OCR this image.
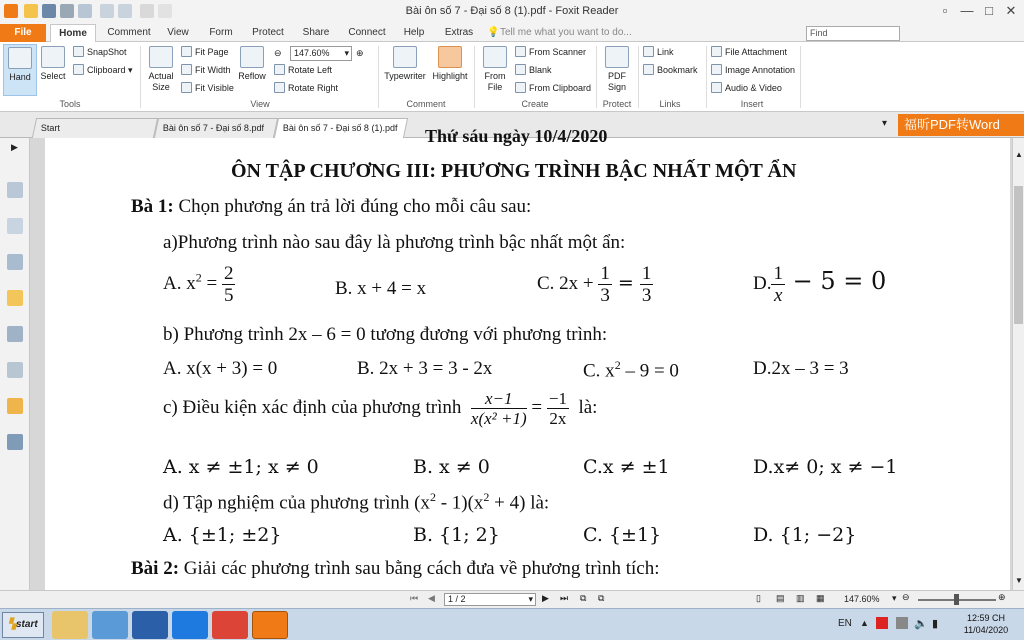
Bài ôn số 7 - Đại số 8 (1).pdf - Foxit Reader	▫	— □ ✕
File	Home	Comment	View	Form	Protect	Share	Connect	Help	Extras	💡 Tell me what you want to do...	Find
Hand	Select
SnapShot
Clipboard ▾
Tools
Actual Size
Fit Page
Fit Width
Fit Visible
Reflow
⊖	147.60% ▾ ⊕
Rotate Left
Rotate Right
View
Typewriter Highlight
Comment
From File
From Scanner
Blank
From Clipboard
Create
PDF Sign
Protect
Link
Bookmark
Links
File Attachment
Image Annotation
Audio & Video
Insert
Start	Bài ôn số 7 - Đại số 8.pdf	Bài ôn số 7 - Đại số 8 (1).pdf	▾	福昕PDF转Word
▶
Thứ sáu ngày 10/4/2020
ÔN TẬP CHƯƠNG III: PHƯƠNG TRÌNH BẬC NHẤT MỘT ẨN
Bà 1: Chọn phương án trả lời đúng cho mỗi câu sau:
a)Phương trình nào sau đây là phương trình bậc nhất một ẩn:
A. $x^2 = \frac{2}{5}$	B. x + 4 = x	C. $2x + \frac{1}{3} = \frac{1}{3}$	D. $\frac{1}{x} - 5 = 0$
b) Phương trình 2x – 6 = 0 tương đương với phương trình:
A. x(x + 3) = 0	B. 2x + 3 = 3 - 2x	C. $x^2 - 9 = 0$	D.2x – 3 = 3
c) Điều kiện xác định của phương trình $\frac{x-1}{\text{x(x² +1)}} = \frac{-1}{2x}$ là:
A. x ≠ ±1; x ≠ 0	B. x ≠ 0	C.x ≠ ±1	D.x≠ 0; x ≠ −1
d) Tập nghiệm của phương trình $(x^2 - 1)(x^2 + 4)$ là:
A. {±1; ±2}	B. {1; 2}	C. {±1}	D. {1; −2}
Bài 2: Giải các phương trình sau bằng cách đưa về phương trình tích:
▲
▼
⏮ ◀	1 / 2	▾ ▶ ⏭ ⧉ ⧉	▯ ▤ ▥ ▦ 147.60% ▾ ⊖	⊕
▚start	EN ▲	🔈 ▮	12:59 CH
11/04/2020
